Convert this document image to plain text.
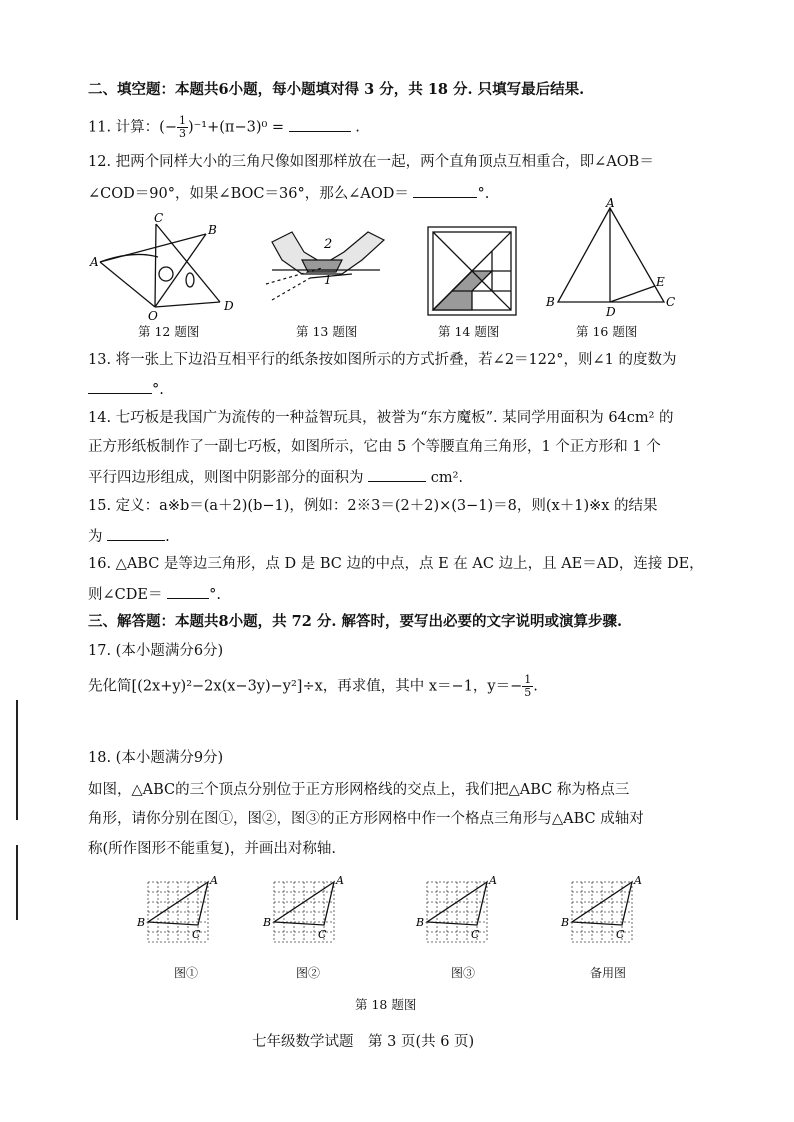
二、填空题：本题共6小题，每小题填对得 3 分，共 18 分. 只填写最后结果.
11. 计算：(− $\frac{1}{3} )^{-1}+(\pi-3)^0$ =	.
12. 把两个同样大小的三角尺像如图那样放在一起，两个直角顶点互相重合，即∠AOB＝
∠COD＝90°，如果∠BOC＝36°，那么∠AOD＝	°.
C
B
A
O
D
第 12 题图
2
1
第 13 题图	第 14 题图
A
B	C
D
E
第 16 题图
13. 将一张上下边沿互相平行的纸条按如图所示的方式折叠，若∠2＝122°，则∠1 的度数为
°.
14. 七巧板是我国广为流传的一种益智玩具，被誉为“东方魔板”. 某同学用面积为 64cm² 的
正方形纸板制作了一副七巧板，如图所示，它由 5 个等腰直角三角形，1 个正方形和 1 个
平行四边形组成，则图中阴影部分的面积为	cm².
15. 定义：a※b＝(a＋2)(b−1)，例如：2※3＝(2＋2)×(3−1)＝8，则(x＋1)※x 的结果
为	.
16. △ABC 是等边三角形，点 D 是 BC 边的中点，点 E 在 AC 边上，且 AE＝AD，连接 DE，
则∠CDE＝	°.
三、解答题：本题共8小题，共 72 分. 解答时，要写出必要的文字说明或演算步骤.
17. (本小题满分6分)
先化简[(2x+y)²−2x(x−3y)−y²]÷x，再求值，其中 x＝−1，$y=- \frac{1}{5}$ .
18. (本小题满分9分)
如图，△ABC的三个顶点分别位于正方形网格线的交点上，我们把△ABC 称为格点三
角形，请你分别在图①，图②，图③的正方形网格中作一个格点三角形与△ABC 成轴对
称(所作图形不能重复)，并画出对称轴.
A
B
C
图①
A
B
C
图②
A
B
C
图③
A
B
C
备用图
第 18 题图
七年级数学试题　第 3 页(共 6 页)
